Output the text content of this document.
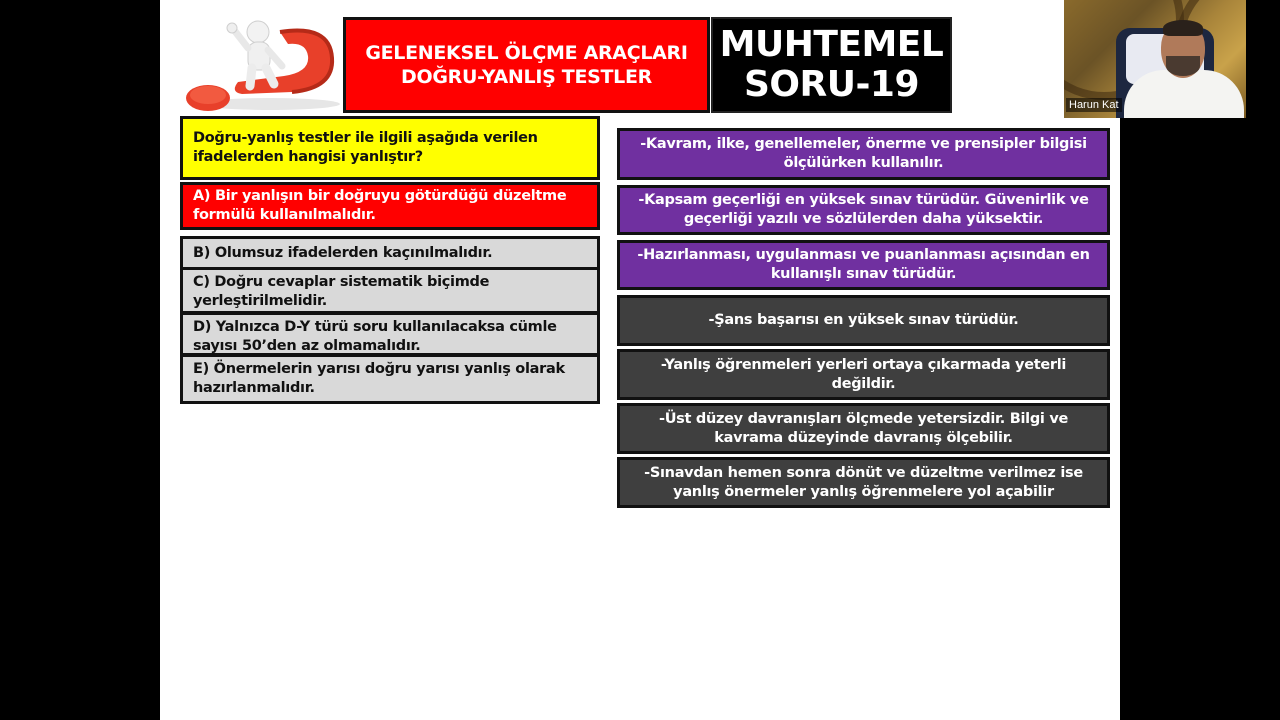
GELENEKSEL ÖLÇME ARAÇLARI
DOĞRU-YANLIŞ TESTLER
MUHTEMEL
SORU-19
Doğru-yanlış testler ile ilgili aşağıda verilen ifadelerden hangisi yanlıştır?
A) Bir yanlışın bir doğruyu götürdüğü düzeltme formülü kullanılmalıdır.
B) Olumsuz ifadelerden kaçınılmalıdır.
C) Doğru cevaplar sistematik biçimde yerleştirilmelidir.
D) Yalnızca D-Y türü soru kullanılacaksa cümle sayısı 50’den az olmamalıdır.
E) Önermelerin yarısı doğru yarısı yanlış olarak hazırlanmalıdır.
-Kavram, ilke, genellemeler, önerme ve prensipler bilgisi ölçülürken kullanılır.
-Kapsam geçerliği en yüksek sınav türüdür. Güvenirlik ve geçerliği yazılı ve sözlülerden daha yüksektir.
-Hazırlanması, uygulanması ve puanlanması açısından en kullanışlı sınav türüdür.
-Şans başarısı en yüksek sınav türüdür.
-Yanlış öğrenmeleri yerleri ortaya çıkarmada yeterli değildir.
-Üst düzey davranışları ölçmede yetersizdir. Bilgi ve kavrama düzeyinde davranış ölçebilir.
-Sınavdan hemen sonra dönüt ve düzeltme verilmez ise yanlış önermeler yanlış öğrenmelere yol açabilir
Harun Kat
